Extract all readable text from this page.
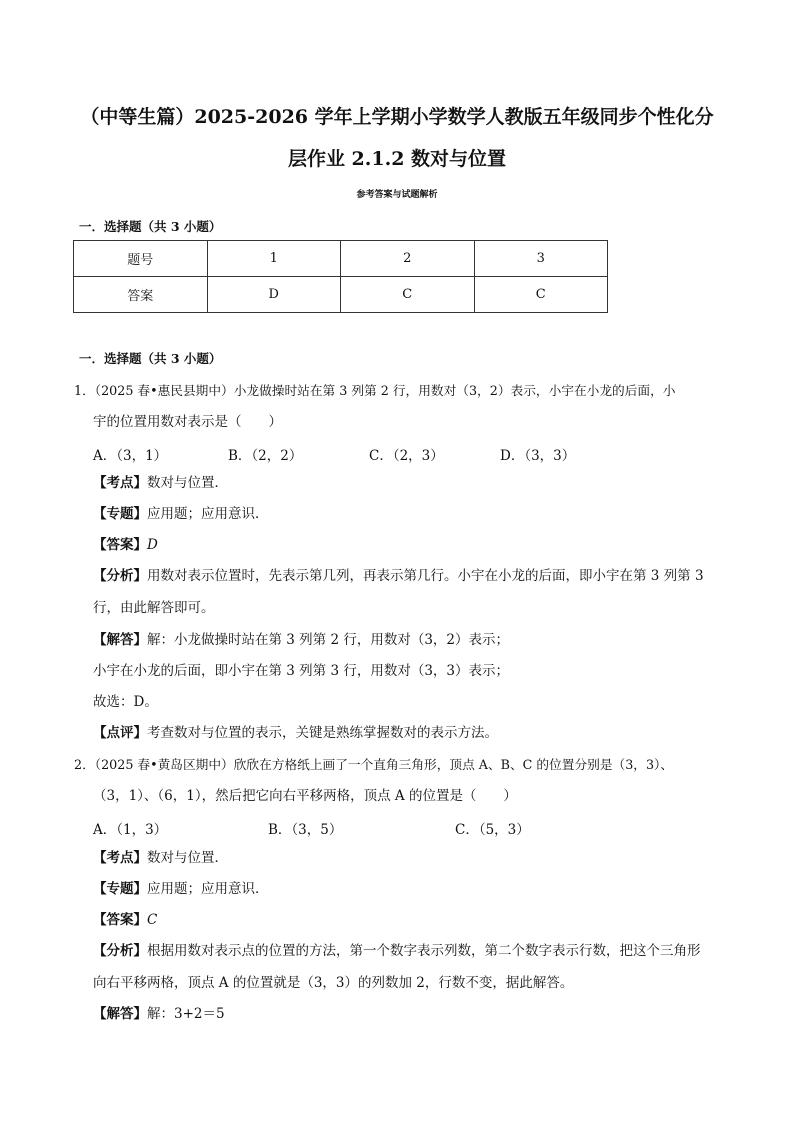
（中等生篇）2025-2026 学年上学期小学数学人教版五年级同步个性化分
层作业 2.1.2 数对与位置
参考答案与试题解析
一．选择题（共 3 小题）
题号	1	2	3
答案	D	C	C
一．选择题（共 3 小题）
1．（2025 春•惠民县期中）小龙做操时站在第 3 列第 2 行，用数对（3，2）表示，小宇在小龙的后面，小
宇的位置用数对表示是（　　）
A．（3，1）	B．（2，2）	C．（2，3）	D．（3，3）
【考点】数对与位置．
【专题】应用题；应用意识．
【答案】D
【分析】用数对表示位置时，先表示第几列，再表示第几行。小宇在小龙的后面，即小宇在第 3 列第 3
行，由此解答即可。
【解答】解：小龙做操时站在第 3 列第 2 行，用数对（3，2）表示；
小宇在小龙的后面，即小宇在第 3 列第 3 行，用数对（3，3）表示；
故选：D。
【点评】考查数对与位置的表示，关键是熟练掌握数对的表示方法。
2．（2025 春•黄岛区期中）欣欣在方格纸上画了一个直角三角形，顶点 A、B、C 的位置分别是（3，3）、
（3，1）、（6，1），然后把它向右平移两格，顶点 A 的位置是（　　）
A．（1，3）	B．（3，5）	C．（5，3）
【考点】数对与位置．
【专题】应用题；应用意识．
【答案】C
【分析】根据用数对表示点的位置的方法，第一个数字表示列数，第二个数字表示行数，把这个三角形
向右平移两格，顶点 A 的位置就是（3，3）的列数加 2，行数不变，据此解答。
【解答】解：3+2＝5
